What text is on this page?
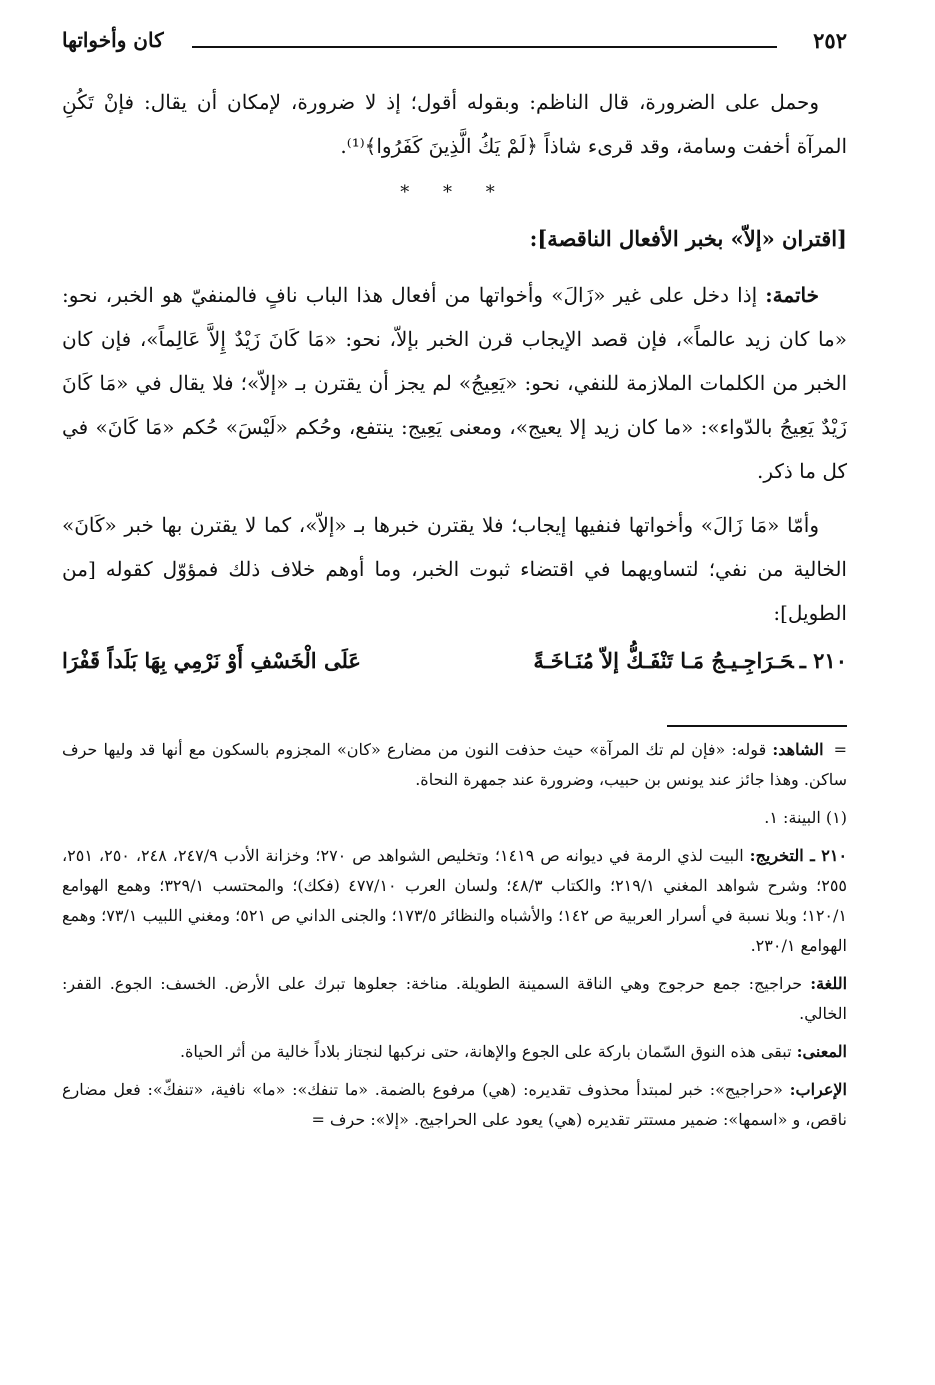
٢٥٢
كان وأخواتها

وحمل على الضرورة، قال الناظم: وبقوله أقول؛ إذ لا ضرورة، لإمكان أن يقال: فإنْ تَكُنِ المرآة أخفت وسامة، وقد قرىء شاذاً ﴿لَمْ يَكُ الَّذِينَ كَفَرُوا﴾⁽¹⁾.

* * *

[اقتران «إلاّ» بخبر الأفعال الناقصة]:

خاتمة: إذا دخل على غير «زَالَ» وأخواتها من أفعال هذا الباب نافٍ فالمنفيّ هو الخبر، نحو: «ما كان زيد عالماً»، فإن قصد الإيجاب قرن الخبر بإلاّ، نحو: «مَا كَانَ زَيْدٌ إِلاَّ عَالِماً»، فإن كان الخبر من الكلمات الملازمة للنفي، نحو: «يَعِيجُ» لم يجز أن يقترن بـ «إلاّ»؛ فلا يقال في «مَا كَانَ زَيْدٌ يَعِيجُ بالدّواء»: «ما كان زيد إلا يعيج»، ومعنى يَعِيج: ينتفع، وحُكم «لَيْسَ» حُكم «مَا كَانَ» في كل ما ذكر.

وأمّا «مَا زَالَ» وأخواتها فنفيها إيجاب؛ فلا يقترن خبرها بـ «إلاّ»، كما لا يقترن بها خبر «كَانَ» الخالية من نفي؛ لتساويهما في اقتضاء ثبوت الخبر، وما أوهم خلاف ذلك فمؤوّل كقوله [من الطويل]:

٢١٠ ـحَـرَاجِـيـجُ مَـا تَنْفَـكُّ إلاّ مُنَـاخَـةً
عَلَى الْخَسْفِ أَوْ نَرْمِي بِهَا بَلَداً قَفْرَا

=الشاهد: قوله: «فإن لم تك المرآة» حيث حذفت النون من مضارع «كان» المجزوم بالسكون مع أنها قد وليها حرف ساكن. وهذا جائز عند يونس بن حبيب، وضرورة عند جمهرة النحاة.

(١) البينة: ١.

٢١٠ ـ التخريج: البيت لذي الرمة في ديوانه ص ١٤١٩؛ وتخليص الشواهد ص ٢٧٠؛ وخزانة الأدب ٢٤٧/٩، ٢٤٨، ٢٥٠، ٢٥١، ٢٥٥؛ وشرح شواهد المغني ٢١٩/١؛ والكتاب ٤٨/٣؛ ولسان العرب ٤٧٧/١٠ (فكك)؛ والمحتسب ٣٢٩/١؛ وهمع الهوامع ١٢٠/١؛ وبلا نسبة في أسرار العربية ص ١٤٢؛ والأشباه والنظائر ١٧٣/٥؛ والجنى الداني ص ٥٢١؛ ومغني اللبيب ٧٣/١؛ وهمع الهوامع ٢٣٠/١.

اللغة: حراجيج: جمع حرجوج وهي الناقة السمينة الطويلة. مناخة: جعلوها تبرك على الأرض. الخسف: الجوع. القفر: الخالي.

المعنى: تبقى هذه النوق السّمان باركة على الجوع والإهانة، حتى نركبها لنجتاز بلاداً خالية من أثر الحياة.

الإعراب: «حراجيج»: خبر لمبتدأ محذوف تقديره: (هي) مرفوع بالضمة. «ما تنفك»: «ما» نافية، «تنفكّ»: فعل مضارع ناقص، و «اسمها»: ضمير مستتر تقديره (هي) يعود على الحراجيج. «إلا»: حرف =
